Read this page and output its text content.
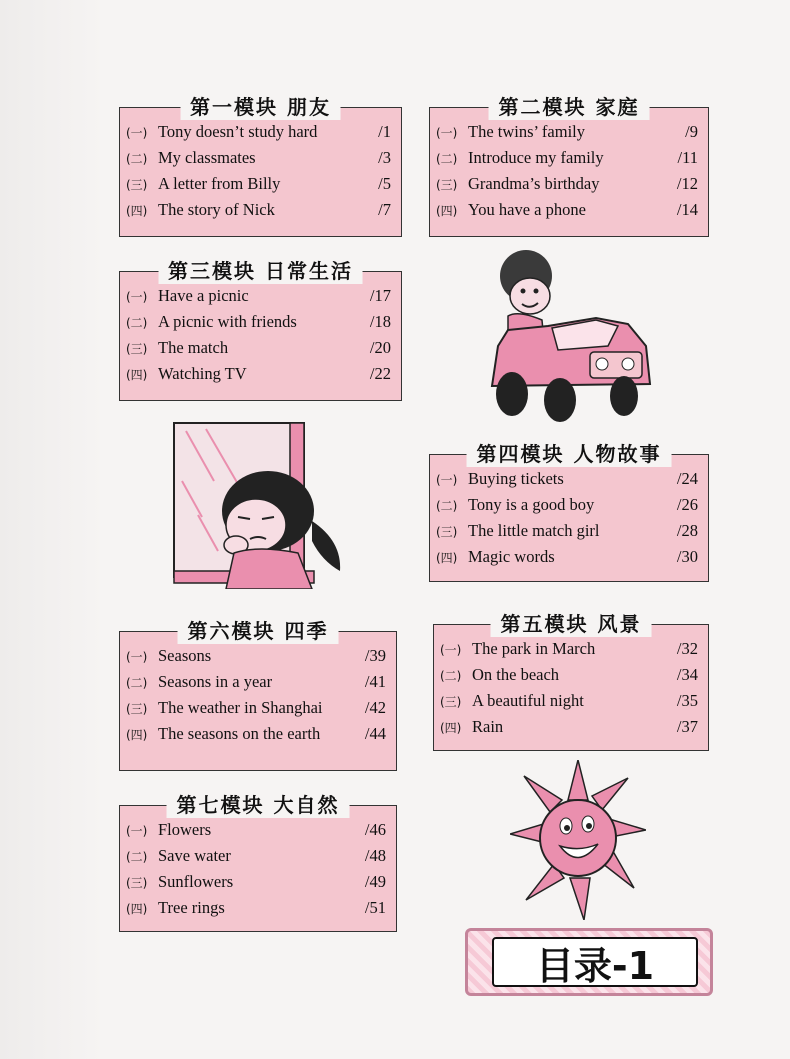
第一模块 朋友
(一) Tony doesn’t study hard	/1
(二) My classmates	/3
(三) A letter from Billy	/5
(四) The story of Nick	/7
第二模块 家庭
(一) The twins’ family	/9
(二) Introduce my family	/11
(三) Grandma’s birthday	/12
(四) You have a phone	/14
第三模块 日常生活
(一) Have a picnic	/17
(二) A picnic with friends	/18
(三) The match	/20
(四) Watching TV	/22
第四模块 人物故事
(一) Buying tickets	/24
(二) Tony is a good boy	/26
(三) The little match girl	/28
(四) Magic words	/30
第五模块 风景
(一) The park in March	/32
(二) On the beach	/34
(三) A beautiful night	/35
(四) Rain	/37
第六模块 四季
(一) Seasons	/39
(二) Seasons in a year	/41
(三) The weather in Shanghai	/42
(四) The seasons on the earth	/44
第七模块 大自然
(一) Flowers	/46
(二) Save water	/48
(三) Sunflowers	/49
(四) Tree rings	/51
目录-1
